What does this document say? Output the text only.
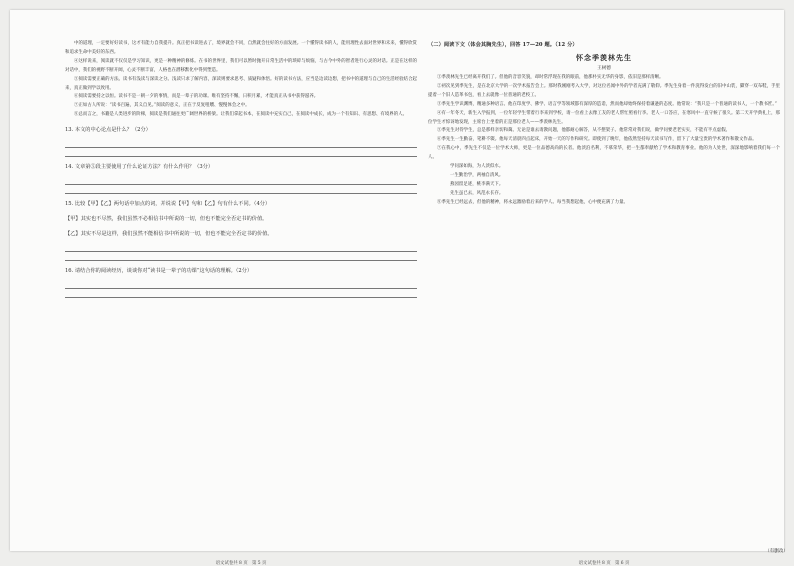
中的道理，一定要好好读书，这才有能力自我提升。真正把书读进去了，境界就会不同，自然就会往好的方面发展。一个懂得读书的人，能用理性去面对世界和未来，懂得欣赏和追求生命中美好的东西。

④这样说来，阅读就不仅仅是学习知识，更是一种精神的修炼。在书的世界里，我们可以暂时抛开日常生活中的琐碎与烦恼，与古今中外的智者进行心灵的对话。正是在这样的对话中，我们的视野不断开阔，心灵不断丰富，人格也在潜移默化中得到塑造。

⑤阅读需要正确的方法。读书有浅读与深读之分。浅读只求了解内容，深读则要求思考、质疑和体悟。好的读书方法，应当是边读边想，把书中的道理与自己的生活经验结合起来，真正做到学以致用。

⑥阅读需要持之以恒。读书不是一朝一夕的事情，而是一辈子的功课。唯有坚持不懈，日积月累，才能真正从书中获得滋养。

⑦正如古人所说：“读书百遍，其义自见。”阅读的意义，正在于反复咀嚼、慢慢体会之中。

⑧总而言之，书籍是人类进步的阶梯，阅读是我们通往更广阔世界的桥梁。让我们拿起书本，在阅读中充实自己，在阅读中成长，成为一个有知识、有思想、有境界的人。

13. 本文的中心论点是什么？（2分）
14. 文章第⑤段主要使用了什么论证方法？有什么作用？（3分）
15. 比较【甲】【乙】两句话中加点的词，并说说【甲】句和【乙】句有什么不同。（4分）
【甲】其实也不尽然，我们虽然不必相信书中所说的一切，但也不能完全否定书的价值。
【乙】其实不尽是这样，我们虽然不能相信书中所说的一切，但也不能完全否定书的价值。
16. 请结合你的阅读经历，谈谈你对“读书是一辈子的功课”这句话的理解。（2分）
语文试卷共 8 页　第 5 页
（二）阅读下文（体会其胸先生），回答 17—20 题。（12 分）
怀念季羡林先生
王树德

①季羡林先生已经离开我们了。但他的音容笑貌，却时常浮现在我的眼前，他那朴实无华的身影，依旧是那样清晰。

②初次见到季先生，是在北京大学的一次学术报告会上。那时我刚刚考入大学，对这位名闻中外的学者充满了敬仰。季先生身着一件洗得发白的旧中山装，脚穿一双布鞋，手里提着一个旧人造革书包，看上去就像一位普通的老校工。

③季先生学识渊博，精通多种语言。他在印度学、佛学、语言学等领域都有深厚的造诣，然而他却始终保持着谦逊的态度。他常说：“我只是一个普通的读书人，一个教书匠。”

④有一年冬天，新生入学报到，一位年轻学生带着行李来到学校，请一位看上去像工友的老人帮忙照看行李。老人一口答应，在寒风中一直守候了很久。第二天开学典礼上，那位学生才惊讶地发现，主席台上坐着的正是那位老人——季羡林先生。

⑤季先生对待学生，总是那样亲切和蔼。无论是谁去请教问题，他都耐心解答，从不摆架子。他常常对我们说，做学问要老老实实，不能有半点虚假。

⑥季先生一生勤奋，笔耕不辍。他每天清晨四点起床，开始一天的写作和研究。即使到了晚年，他依然坚持每天读书写作，留下了大量宝贵的学术著作和散文作品。

⑦在我心中，季先生不仅是一位学术大师，更是一位品德高尚的长者。他淡泊名利，不慕荣华，把一生都奉献给了学术和教育事业。他的为人处世，深深地影响着我们每一个人。

学问深如海，为人淡似水。

一生勤治学，两袖自清风。

燕园留足迹，桃李满天下。

先生虽已去，风范永长存。

⑧季先生已经远去，但他的精神，将永远激励着后来的学人。每当我想起他，心中便充满了力量。

（有删改）
语文试卷共 8 页　第 6 页
